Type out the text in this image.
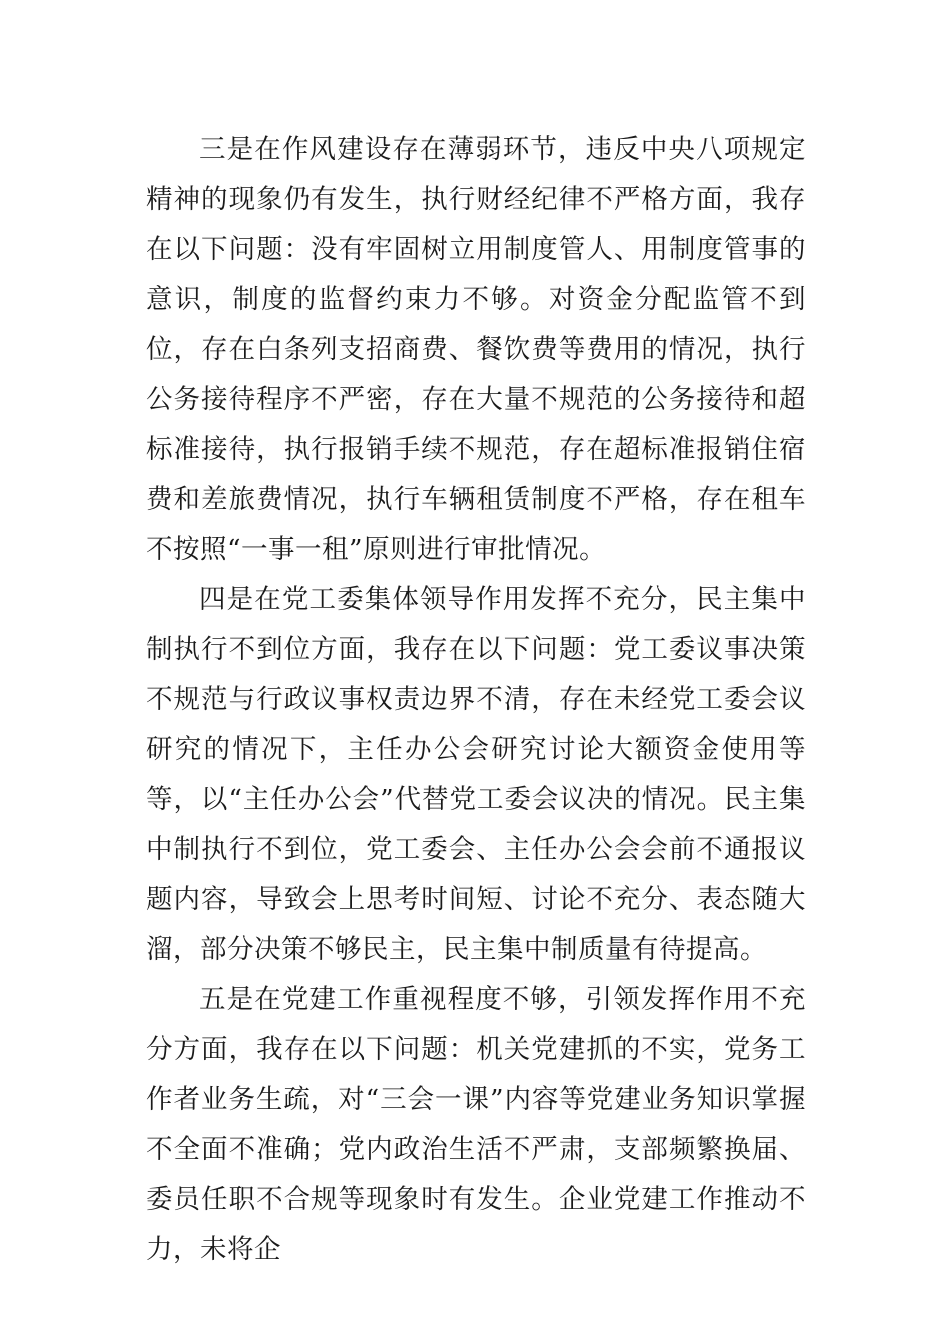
三是在作风建设存在薄弱环节，违反中央八项规定精神的现象仍有发生，执行财经纪律不严格方面，我存在以下问题：没有牢固树立用制度管人、用制度管事的意识，制度的监督约束力不够。对资金分配监管不到位，存在白条列支招商费、餐饮费等费用的情况，执行公务接待程序不严密，存在大量不规范的公务接待和超标准接待，执行报销手续不规范，存在超标准报销住宿费和差旅费情况，执行车辆租赁制度不严格，存在租车不按照“一事一租”原则进行审批情况。

四是在党工委集体领导作用发挥不充分，民主集中制执行不到位方面，我存在以下问题：党工委议事决策不规范与行政议事权责边界不清，存在未经党工委会议研究的情况下，主任办公会研究讨论大额资金使用等等，以“主任办公会”代替党工委会议决的情况。民主集中制执行不到位，党工委会、主任办公会会前不通报议题内容，导致会上思考时间短、讨论不充分、表态随大溜，部分决策不够民主，民主集中制质量有待提高。

五是在党建工作重视程度不够，引领发挥作用不充分方面，我存在以下问题：机关党建抓的不实，党务工作者业务生疏，对“三会一课”内容等党建业务知识掌握不全面不准确；党内政治生活不严肃，支部频繁换届、委员任职不合规等现象时有发生。企业党建工作推动不力，未将企
